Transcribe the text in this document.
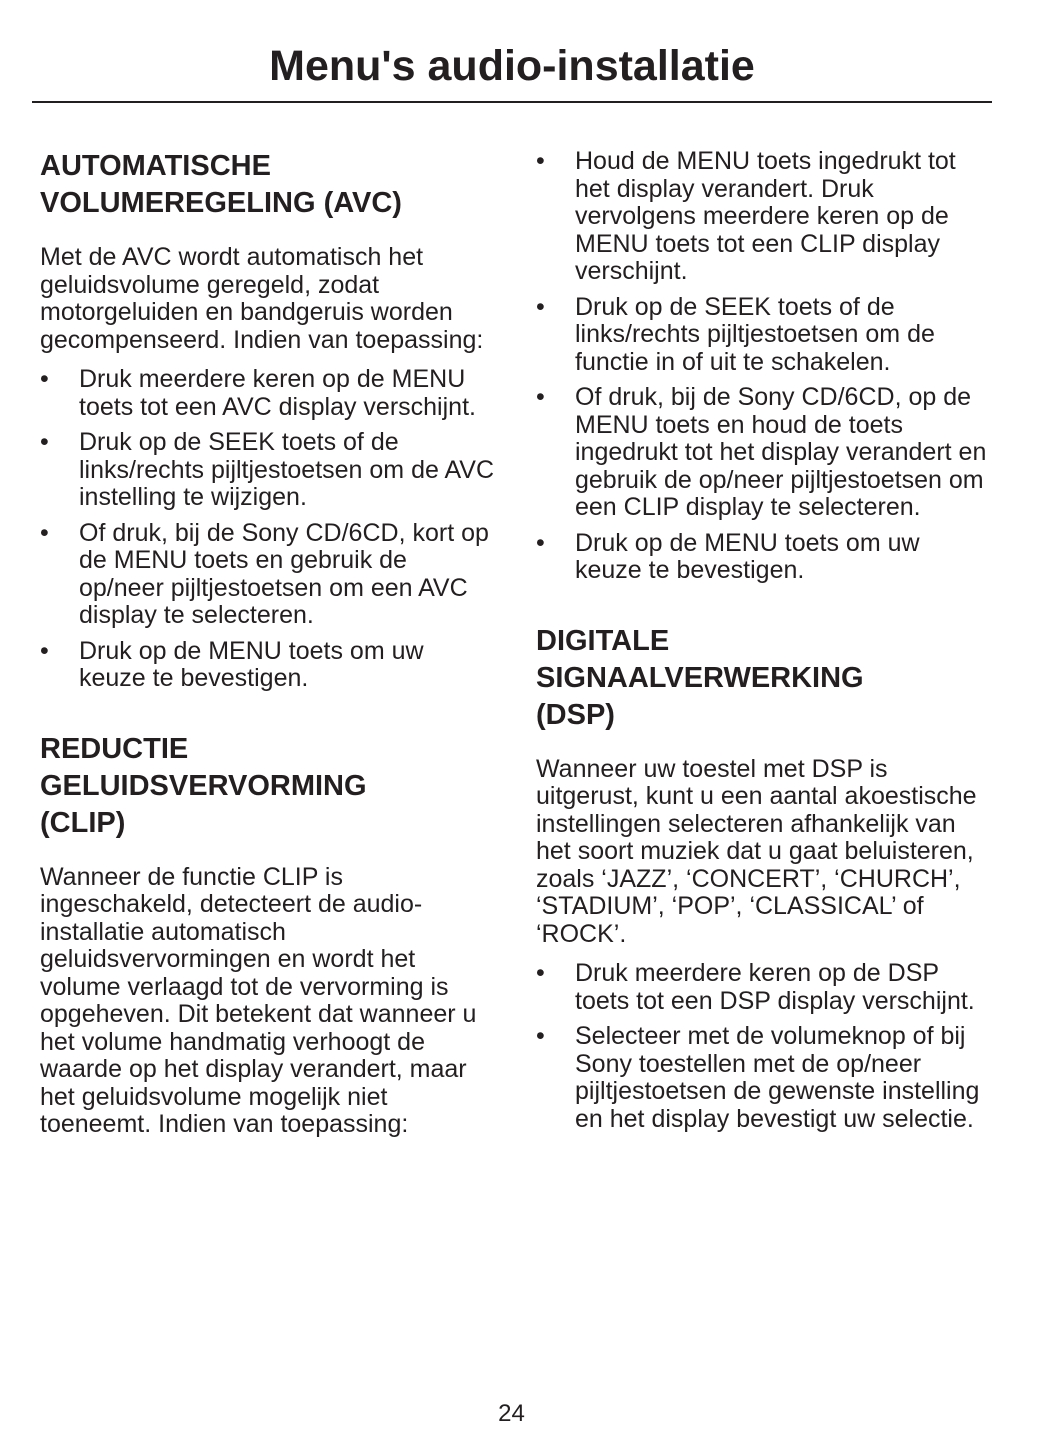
Menu's audio-installatie
AUTOMATISCHE
VOLUMEREGELING (AVC)

Met de AVC wordt automatisch het geluidsvolume geregeld, zodat motorgeluiden en bandgeruis worden gecompenseerd. Indien van toepassing:

• Druk meerdere keren op de MENU toets tot een AVC display verschijnt.
• Druk op de SEEK toets of de links/rechts pijltjestoetsen om de AVC instelling te wijzigen.
• Of druk, bij de Sony CD/6CD, kort op de MENU toets en gebruik de op/neer pijltjestoetsen om een AVC display te selecteren.
• Druk op de MENU toets om uw keuze te bevestigen.
REDUCTIE
GELUIDSVERVORMING
(CLIP)

Wanneer de functie CLIP is ingeschakeld, detecteert de audio-installatie automatisch geluidsvervormingen en wordt het volume verlaagd tot de vervorming is opgeheven. Dit betekent dat wanneer u het volume handmatig verhoogt de waarde op het display verandert, maar het geluidsvolume mogelijk niet toeneemt. Indien van toepassing:

• Houd de MENU toets ingedrukt tot het display verandert. Druk vervolgens meerdere keren op de MENU toets tot een CLIP display verschijnt.
• Druk op de SEEK toets of de links/rechts pijltjestoetsen om de functie in of uit te schakelen.
• Of druk, bij de Sony CD/6CD, op de MENU toets en houd de toets ingedrukt tot het display verandert en gebruik de op/neer pijltjestoetsen om een CLIP display te selecteren.
• Druk op de MENU toets om uw keuze te bevestigen.
DIGITALE
SIGNAALVERWERKING
(DSP)

Wanneer uw toestel met DSP is uitgerust, kunt u een aantal akoestische instellingen selecteren afhankelijk van het soort muziek dat u gaat beluisteren, zoals ‘JAZZ’, ‘CONCERT’, ‘CHURCH’, ‘STADIUM’, ‘POP’, ‘CLASSICAL’ of ‘ROCK’.

• Druk meerdere keren op de DSP toets tot een DSP display verschijnt.
• Selecteer met de volumeknop of bij Sony toestellen met de op/neer pijltjestoetsen de gewenste instelling en het display bevestigt uw selectie.
24
